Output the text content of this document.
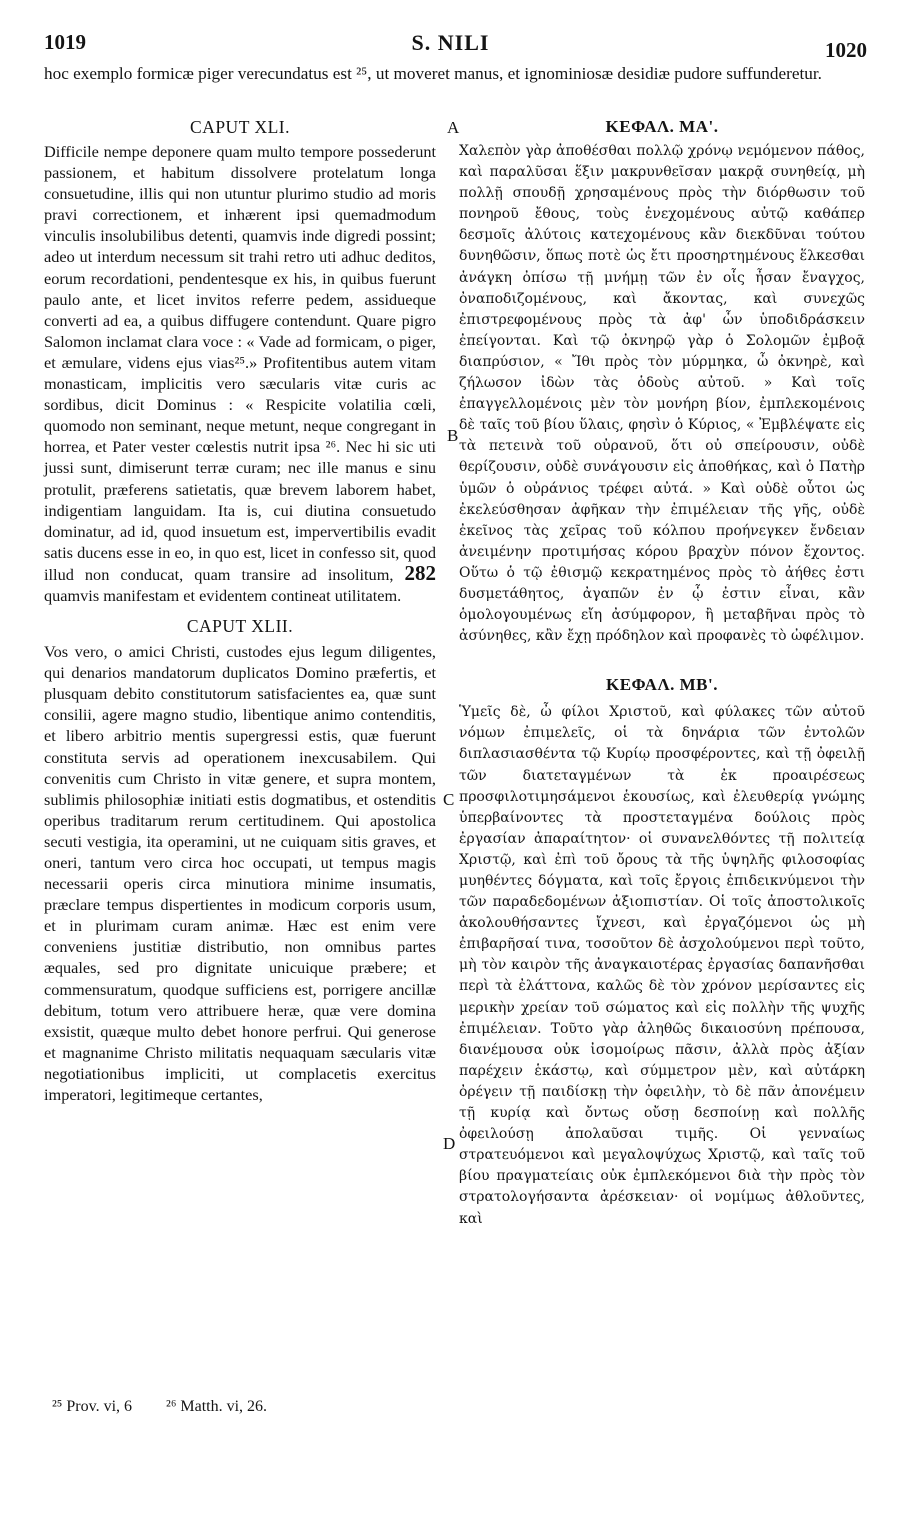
1019	S. NILI	1020
hoc exemplo formicæ piger verecundatus est ²⁵, ut moveret manus, et ignominiosæ desidiæ pudore suffunderetur.
A
B
C
D
CAPUT XLI.

Difficile nempe deponere quam multo tempore possederunt passionem, et habitum dissolvere protelatum longa consuetudine, illis qui non utuntur plurimo studio ad moris pravi correctionem, et inhærent ipsi quemadmodum vinculis insolubilibus detenti, quamvis inde digredi possint; adeo ut interdum necessum sit trahi retro uti adhuc deditos, eorum recordationi, pendentesque ex his, in quibus fuerunt paulo ante, et licet invitos referre pedem, assidueque converti ad ea, a quibus diffugere contendunt. Quare pigro Salomon inclamat clara voce : « Vade ad formicam, o piger, et æmulare, videns ejus vias²⁵.» Profitentibus autem vitam monasticam, implicitis vero sæcularis vitæ curis ac sordibus, dicit Dominus : « Respicite volatilia cœli, quomodo non seminant, neque metunt, neque congregant in horrea, et Pater vester cœlestis nutrit ipsa ²⁶. Nec hi sic uti jussi sunt, dimiserunt terræ curam; nec ille manus e sinu protulit, præferens satietatis, quæ brevem laborem habet, indigentiam languidam. Ita is, cui diutina consuetudo dominatur, ad id, quod insuetum est, impervertibilis evadit satis ducens esse in eo, in quo est, licet in confesso sit, quod illud non conducat, quam transire ad insolitum, 282 quamvis manifestam et evidentem contineat utilitatem.

CAPUT XLII.

Vos vero, o amici Christi, custodes ejus legum diligentes, qui denarios mandatorum duplicatos Domino præfertis, et plusquam debito constitutorum satisfacientes ea, quæ sunt consilii, agere magno studio, libentique animo contenditis, et libero arbitrio mentis supergressi estis, quæ fuerunt constituta servis ad operationem inexcusabilem. Qui convenitis cum Christo in vitæ genere, et supra montem, sublimis philosophiæ initiati estis dogmatibus, et ostenditis operibus traditarum rerum certitudinem. Qui apostolica secuti vestigia, ita operamini, ut ne cuiquam sitis graves, et oneri, tantum vero circa hoc occupati, ut tempus magis necessarii operis circa minutiora minime insumatis, præclare tempus dispertientes in modicum corporis usum, et in plurimam curam animæ. Hæc est enim vere conveniens justitiæ distributio, non omnibus partes æquales, sed pro dignitate unicuique præbere; et commensuratum, quodque sufficiens est, porrigere ancillæ debitum, totum vero attribuere heræ, quæ vere domina exsistit, quæque multo debet honore perfrui. Qui generose et magnanime Christo militatis nequaquam sæcularis vitæ negotiationibus impliciti, ut complacetis exercitus imperatori, legitimeque certantes,

ΚΕΦΑΛ. ΜΑ'.

Χαλεπὸν γὰρ ἀποθέσθαι πολλῷ χρόνῳ νεμόμενον πάθος, καὶ παραλῦσαι ἕξιν μακρυνθεῖσαν μακρᾷ συνηθείᾳ, μὴ πολλῇ σπουδῇ χρησαμένους πρὸς τὴν διόρθωσιν τοῦ πονηροῦ ἔθους, τοὺς ἐνεχομένους αὐτῷ καθάπερ δεσμοῖς ἀλύτοις κατεχομένους κἂν διεκδῦναι τούτου δυνηθῶσιν, ὅπως ποτὲ ὡς ἔτι προσηρτημένους ἕλκεσθαι ἀνάγκη ὀπίσω τῇ μνήμῃ τῶν ἐν οἷς ἦσαν ἔναγχος, ὀναποδιζομένους, καὶ ἄκοντας, καὶ συνεχῶς ἐπιστρεφομένους πρὸς τὰ ἀφ' ὧν ὑποδιδράσκειν ἐπείγονται. Καὶ τῷ ὀκνηρῷ γὰρ ὁ Σολομῶν ἐμβοᾷ διαπρύσιον, « Ἴθι πρὸς τὸν μύρμηκα, ὦ ὀκνηρὲ, καὶ ζήλωσον ἰδὼν τὰς ὁδοὺς αὐτοῦ. » Καὶ τοῖς ἐπαγγελλομένοις μὲν τὸν μονήρη βίον, ἐμπλεκομένοις δὲ ταῖς τοῦ βίου ὕλαις, φησὶν ὁ Κύριος, « Ἐμβλέψατε εἰς τὰ πετεινὰ τοῦ οὐρανοῦ, ὅτι οὐ σπείρουσιν, οὐδὲ θερίζουσιν, οὐδὲ συνάγουσιν εἰς ἀποθήκας, καὶ ὁ Πατὴρ ὑμῶν ὁ οὐράνιος τρέφει αὐτά. » Καὶ οὐδὲ οὗτοι ὡς ἐκελεύσθησαν ἀφῆκαν τὴν ἐπιμέλειαν τῆς γῆς, οὐδὲ ἐκεῖνος τὰς χεῖρας τοῦ κόλπου προήνεγκεν ἔνδειαν ἀνειμένην προτιμήσας κόρου βραχὺν πόνον ἔχοντος. Οὕτω ὁ τῷ ἐθισμῷ κεκρατημένος πρὸς τὸ ἀήθες ἐστι δυσμετάθητος, ἀγαπῶν ἐν ᾧ ἐστιν εἶναι, κἂν ὁμολογουμένως εἴη ἀσύμφορον, ἢ μεταβῆναι πρὸς τὸ ἀσύνηθες, κἂν ἔχῃ πρόδηλον καὶ προφανὲς τὸ ὠφέλιμον.

ΚΕΦΑΛ. ΜΒ'.

Ὑμεῖς δὲ, ὦ φίλοι Χριστοῦ, καὶ φύλακες τῶν αὐτοῦ νόμων ἐπιμελεῖς, οἱ τὰ δηνάρια τῶν ἐντολῶν διπλασιασθέντα τῷ Κυρίῳ προσφέροντες, καὶ τῇ ὀφειλῇ τῶν διατεταγμένων τὰ ἐκ προαιρέσεως προσφιλοτιμησάμενοι ἑκουσίως, καὶ ἐλευθερίᾳ γνώμης ὑπερβαίνοντες τὰ προστεταγμένα δούλοις πρὸς ἐργασίαν ἀπαραίτητον· οἱ συνανελθόντες τῇ πολιτείᾳ Χριστῷ, καὶ ἐπὶ τοῦ ὄρους τὰ τῆς ὑψηλῆς φιλοσοφίας μυηθέντες δόγματα, καὶ τοῖς ἔργοις ἐπιδεικνύμενοι τὴν τῶν παραδεδομένων ἀξιοπιστίαν. Οἱ τοῖς ἀποστολικοῖς ἀκολουθήσαντες ἴχνεσι, καὶ ἐργαζόμενοι ὡς μὴ ἐπιβαρῆσαί τινα, τοσοῦτον δὲ ἀσχολούμενοι περὶ τοῦτο, μὴ τὸν καιρὸν τῆς ἀναγκαιοτέρας ἐργασίας δαπανῆσθαι περὶ τὰ ἐλάττονα, καλῶς δὲ τὸν χρόνον μερίσαντες εἰς μερικὴν χρείαν τοῦ σώματος καὶ εἰς πολλὴν τῆς ψυχῆς ἐπιμέλειαν. Τοῦτο γὰρ ἀληθῶς δικαιοσύνη πρέπουσα, διανέμουσα οὐκ ἰσομοίρως πᾶσιν, ἀλλὰ πρὸς ἀξίαν παρέχειν ἑκάστῳ, καὶ σύμμετρον μὲν, καὶ αὐτάρκη ὀρέγειν τῇ παιδίσκῃ τὴν ὀφειλὴν, τὸ δὲ πᾶν ἀπονέμειν τῇ κυρίᾳ καὶ ὄντως οὔσῃ δεσποίνῃ καὶ πολλῆς ὀφειλούσῃ ἀπολαῦσαι τιμῆς. Οἱ γενναίως στρατευόμενοι καὶ μεγαλοψύχως Χριστῷ, καὶ ταῖς τοῦ βίου πραγματείαις οὐκ ἐμπλεκόμενοι διὰ τὴν πρὸς τὸν στρατολογήσαντα ἀρέσκειαν· οἱ νομίμως ἀθλοῦντες, καὶ

²⁵ Prov. vi, 6 ²⁶ Matth. vi, 26.
